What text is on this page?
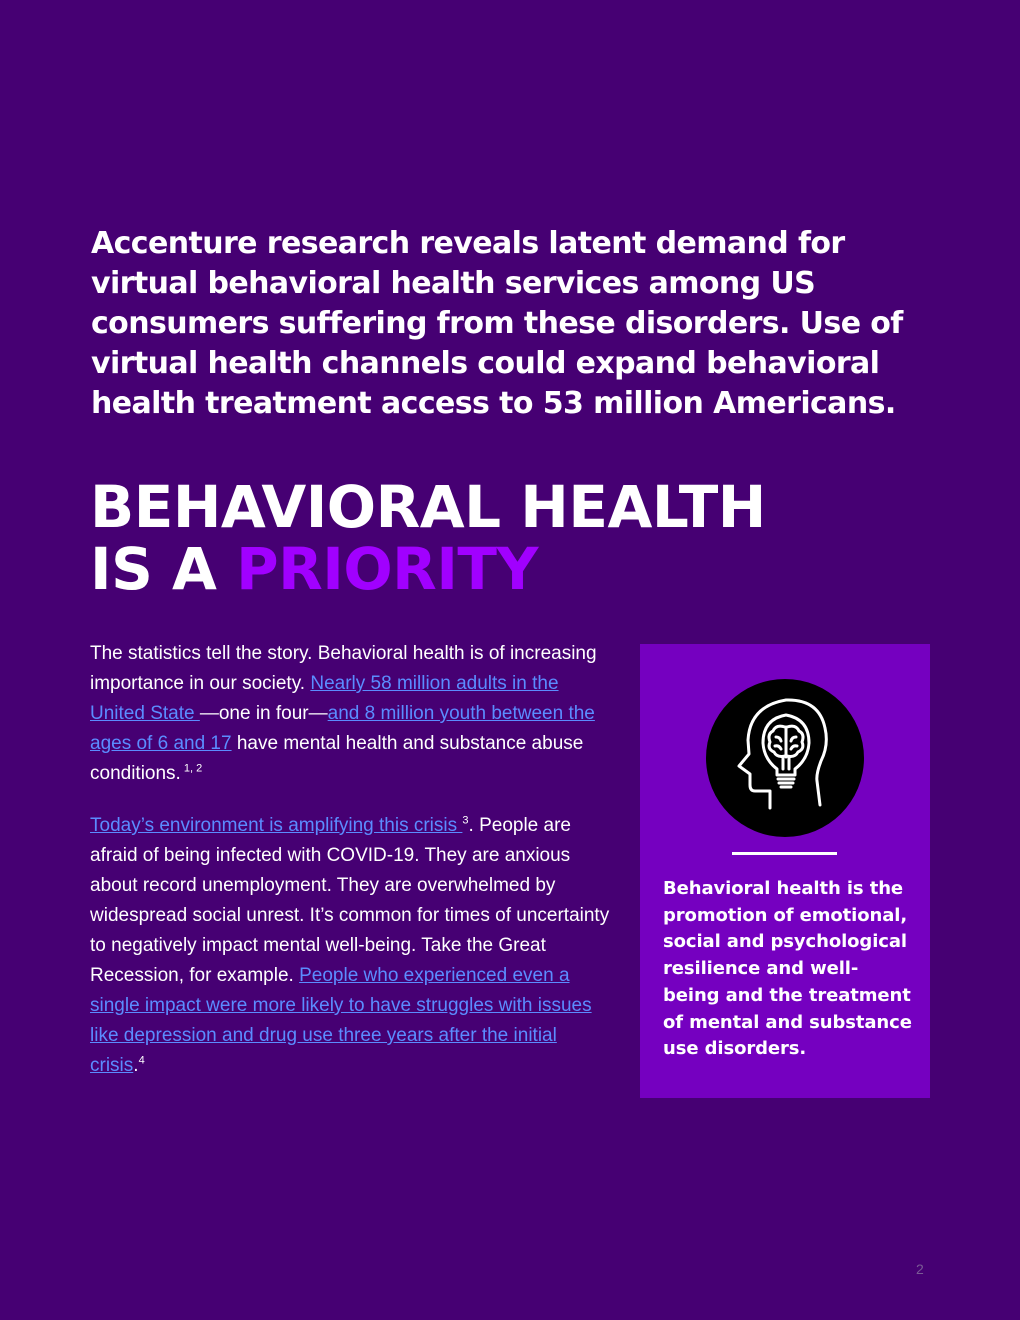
Accenture research reveals latent demand for virtual behavioral health services among US consumers suffering from these disorders. Use of virtual health channels could expand behavioral health treatment access to 53 million Americans.

BEHAVIORAL HEALTH
IS A PRIORITY

The statistics tell the story. Behavioral health is of increasing importance in our society. Nearly 58 million adults in the United State —one in four—and 8 million youth between the ages of 6 and 17 have mental health and substance abuse conditions. $^{1, 2}$

Today’s environment is amplifying this crisis $^3$. People are afraid of being infected with COVID-19. They are anxious about record unemployment. They are overwhelmed by widespread social unrest. It’s common for times of uncertainty to negatively impact mental well-being. Take the Great Recession, for example. People who experienced even a single impact were more likely to have struggles with issues like depression and drug use three years after the initial crisis.$^4$

Behavioral health is the promotion of emotional, social and psychological resilience and well-being and the treatment of mental and substance use disorders.

2
